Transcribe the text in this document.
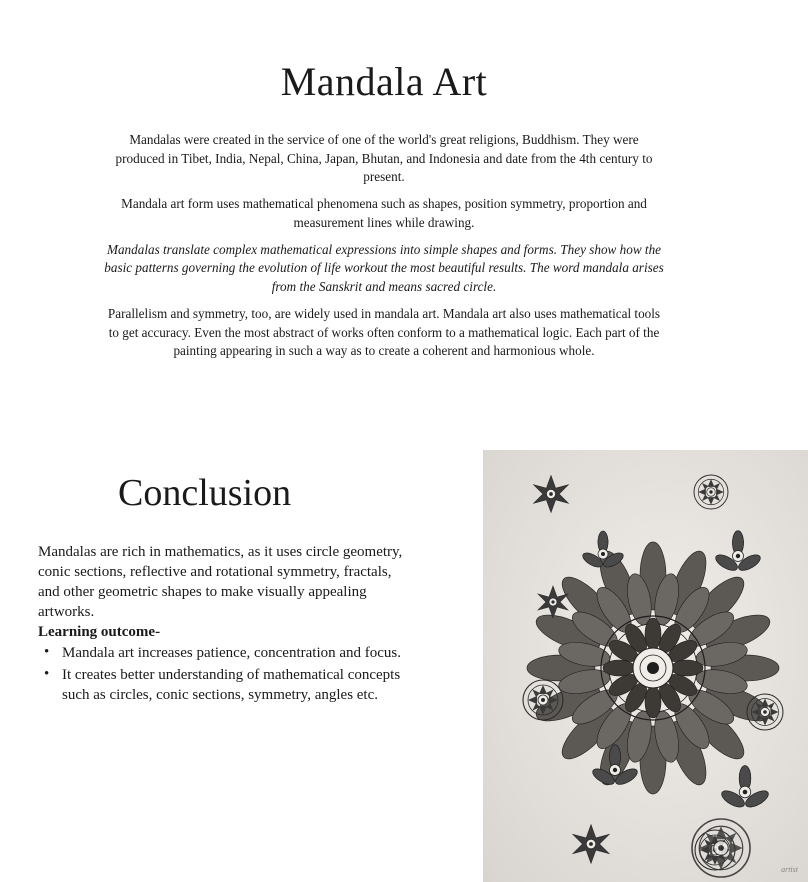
Mandala Art

Mandalas were created in the service of one of the world's great religions, Buddhism. They were produced in Tibet, India, Nepal, China, Japan, Bhutan, and Indonesia and date from the 4th century to present.

Mandala art form uses mathematical phenomena such as shapes, position symmetry, proportion and measurement lines while drawing.

Mandalas translate complex mathematical expressions into simple shapes and forms. They show how the basic patterns governing the evolution of life workout the most beautiful results. The word mandala arises from the Sanskrit and means sacred circle.

Parallelism and symmetry, too, are widely used in mandala art. Mandala art also uses mathematical tools to get accuracy. Even the most abstract of works often conform to a mathematical logic. Each part of the painting appearing in such a way as to create a coherent and harmonious whole.

Conclusion

Mandalas are rich in mathematics, as it uses circle geometry, conic sections, reflective and rotational symmetry, fractals, and other geometric shapes to make visually appealing artworks.

Learning outcome-

• Mandala art increases patience, concentration and focus.
• It creates better understanding of mathematical concepts such as circles, conic sections, symmetry, angles etc.
artist
